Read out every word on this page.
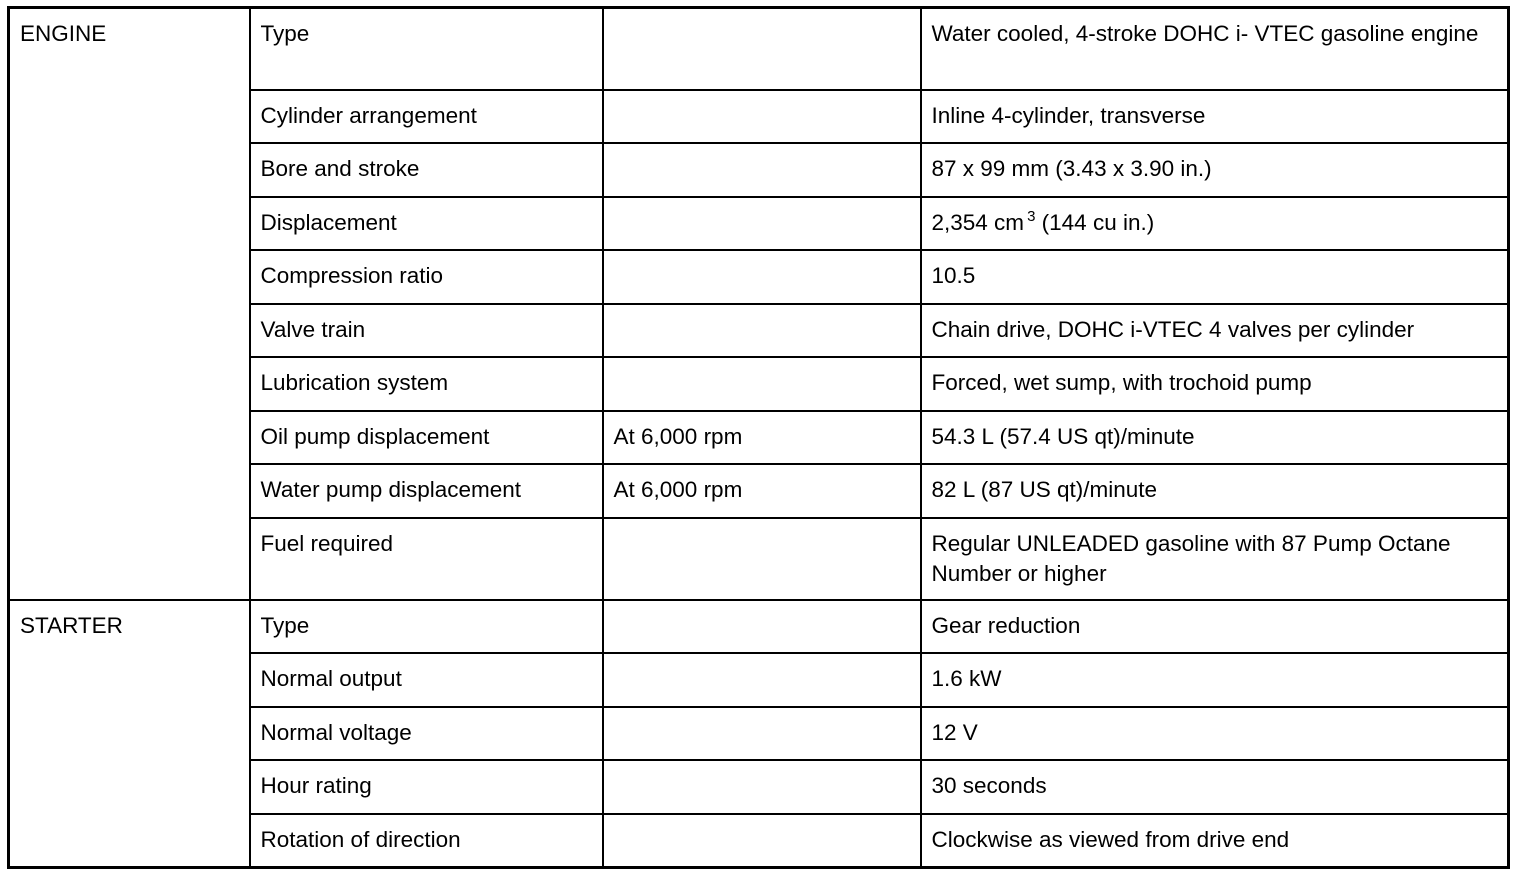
ENGINE	Type		Water cooled, 4-stroke DOHC i- VTEC gasoline engine
	Cylinder arrangement		Inline 4-cylinder, transverse
	Bore and stroke		87 x 99 mm (3.43 x 3.90 in.)
	Displacement		2,354 cm $^3$ (144 cu in.)
	Compression ratio		10.5
	Valve train		Chain drive, DOHC i-VTEC 4 valves per cylinder
	Lubrication system		Forced, wet sump, with trochoid pump
	Oil pump displacement	At 6,000 rpm	54.3 L (57.4 US qt)/minute
	Water pump displacement	At 6,000 rpm	82 L (87 US qt)/minute
	Fuel required		Regular UNLEADED gasoline with 87 Pump Octane Number or higher
STARTER	Type		Gear reduction
	Normal output		1.6 kW
	Normal voltage		12 V
	Hour rating		30 seconds
	Rotation of direction		Clockwise as viewed from drive end
